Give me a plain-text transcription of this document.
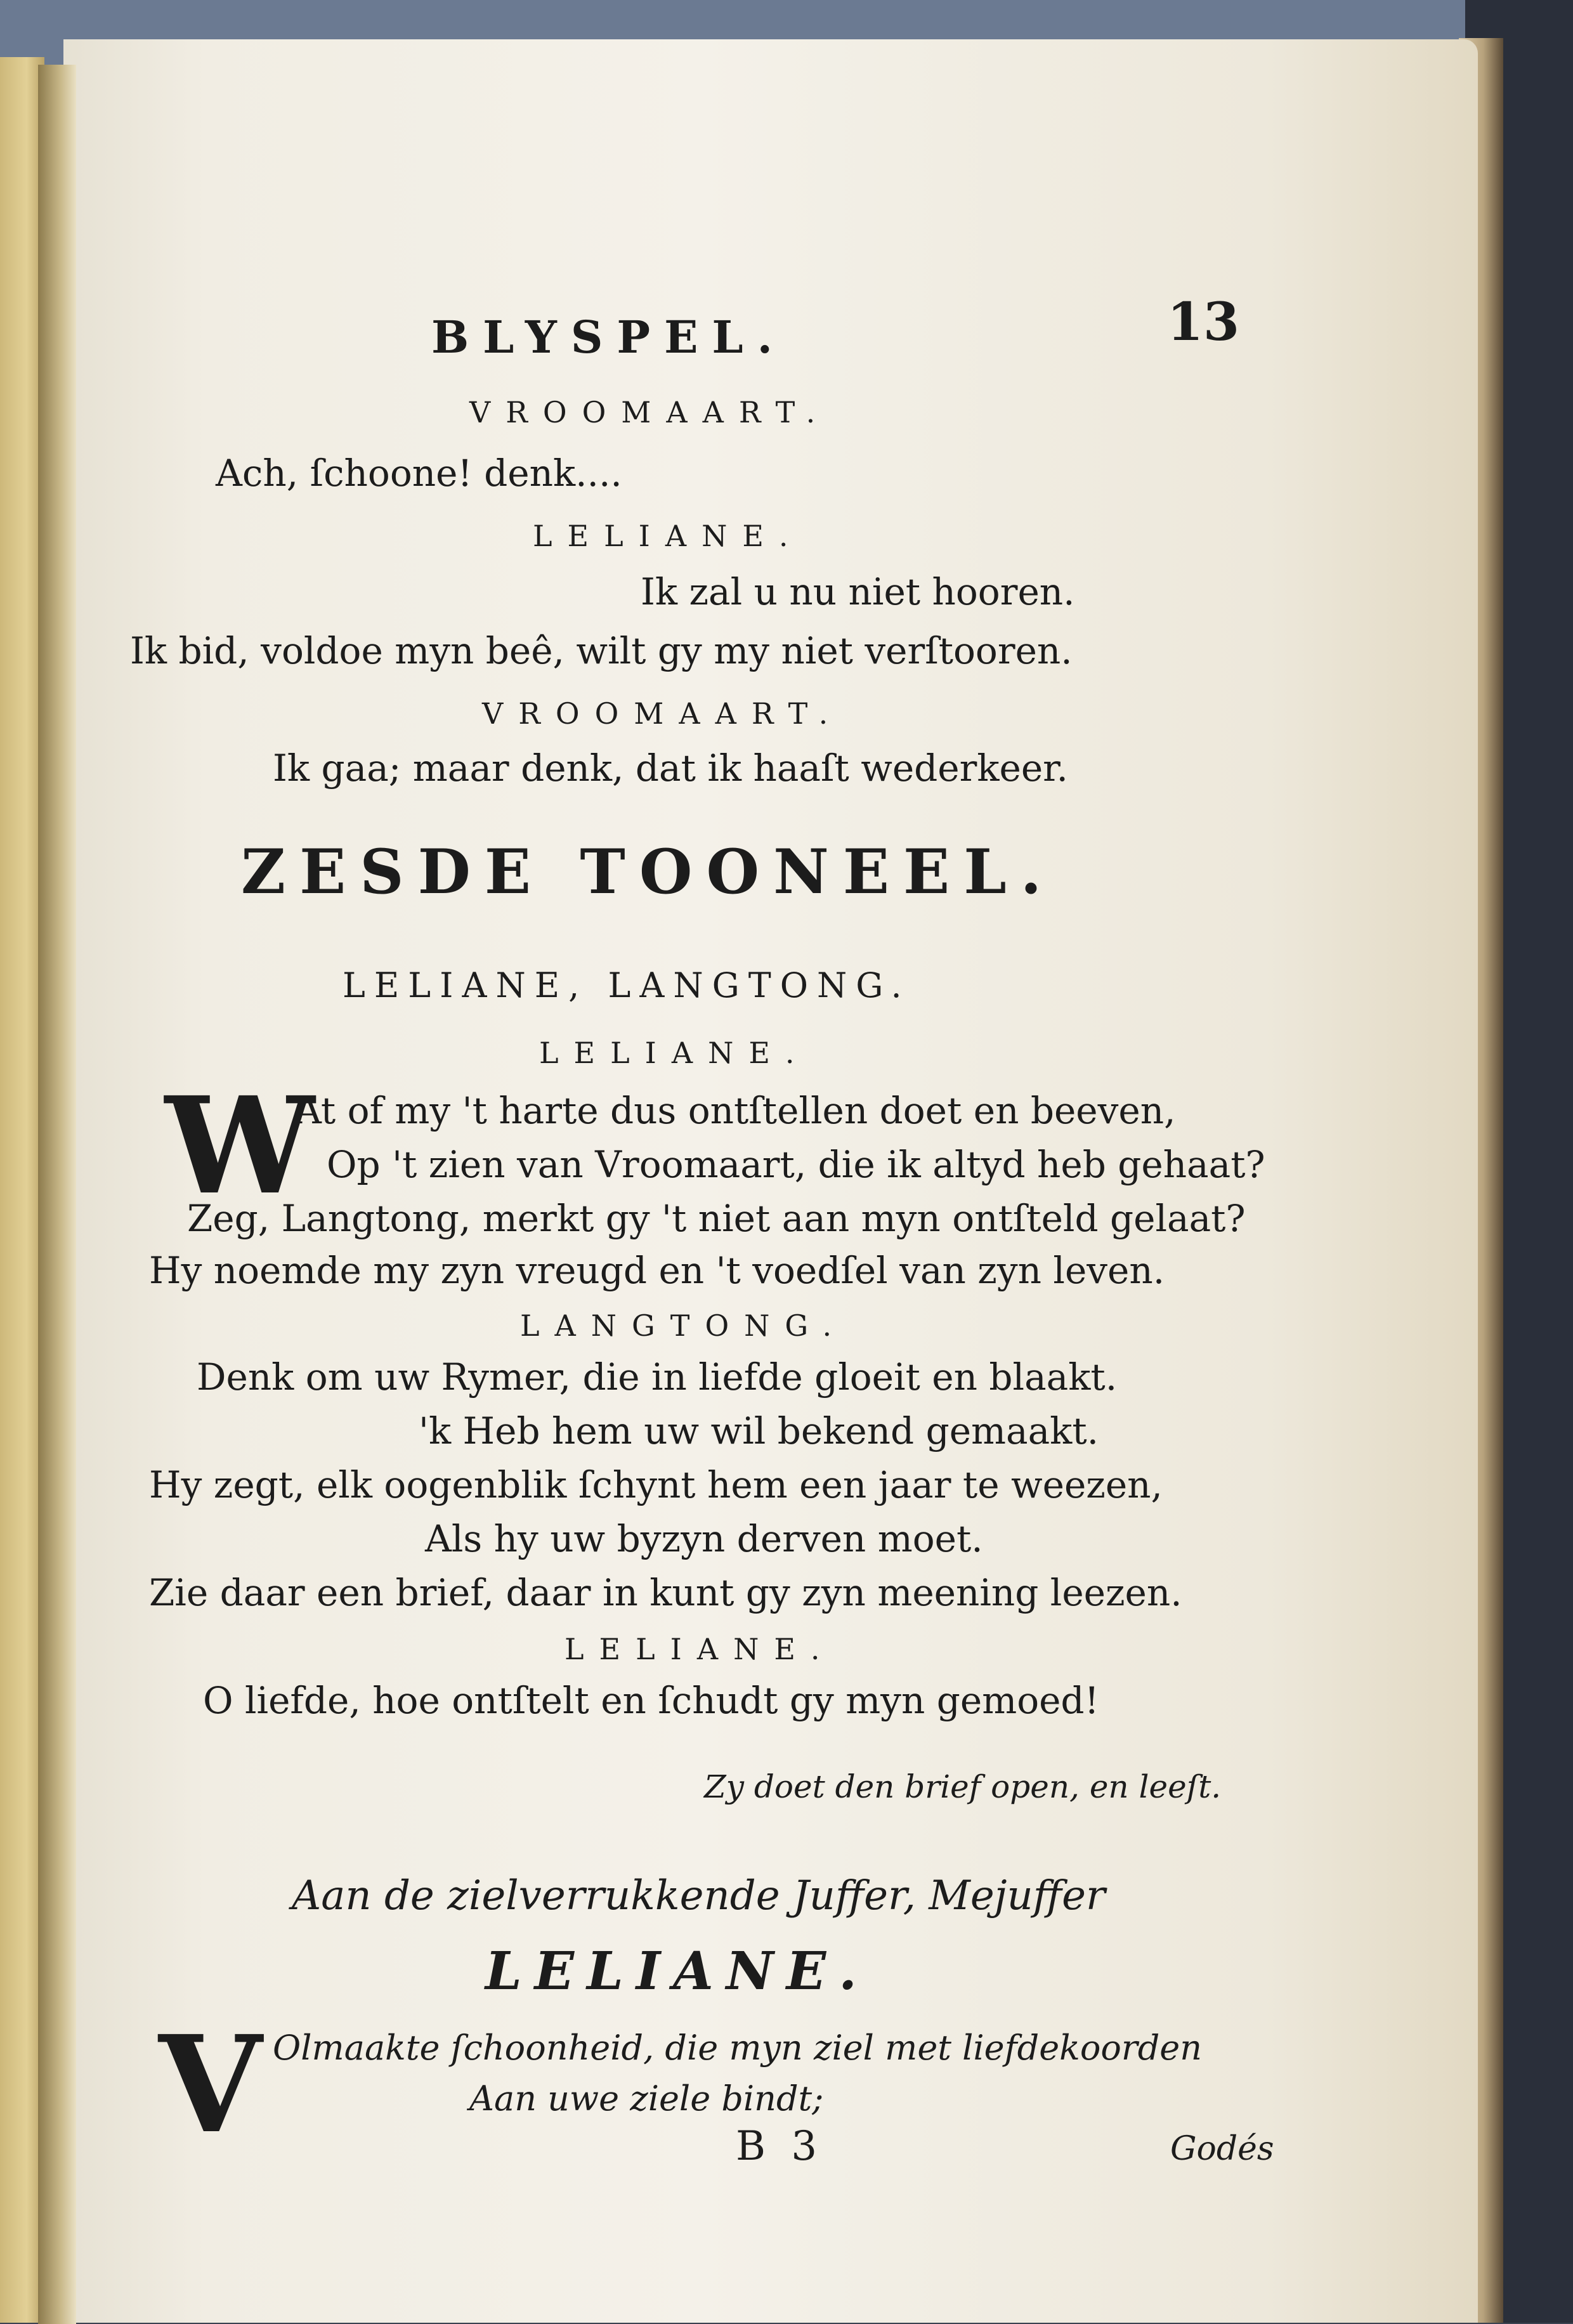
BLYSPEL.	13
VROOMAART.
Ach, ſchoone! denk....
LELIANE.
Ik zal u nu niet hooren.
Ik bid, voldoe myn beê, wilt gy my niet verſtooren.
VROOMAART.
Ik gaa; maar denk, dat ik haaſt wederkeer.
ZESDE TOONEEL.
LELIANE, LANGTONG.
LELIANE.
W
At of my 't harte dus ontſtellen doet en beeven,
Op 't zien van Vroomaart, die ik altyd heb gehaat?
Zeg, Langtong, merkt gy 't niet aan myn ontſteld gelaat?
Hy noemde my zyn vreugd en 't voedſel van zyn leven.
LANGTONG.
Denk om uw Rymer, die in liefde gloeit en blaakt.
'k Heb hem uw wil bekend gemaakt.
Hy zegt, elk oogenblik ſchynt hem een jaar te weezen,
Als hy uw byzyn derven moet.
Zie daar een brief, daar in kunt gy zyn meening leezen.
LELIANE.
O liefde, hoe ontſtelt en ſchudt gy myn gemoed!
Zy doet den brief open, en leeſt.
Aan de zielverrukkende Juffer, Mejuffer
LELIANE.
V Olmaakte ſchoonheid, die myn ziel met liefdekoorden
Aan uwe ziele bindt;
B 3	Godés
